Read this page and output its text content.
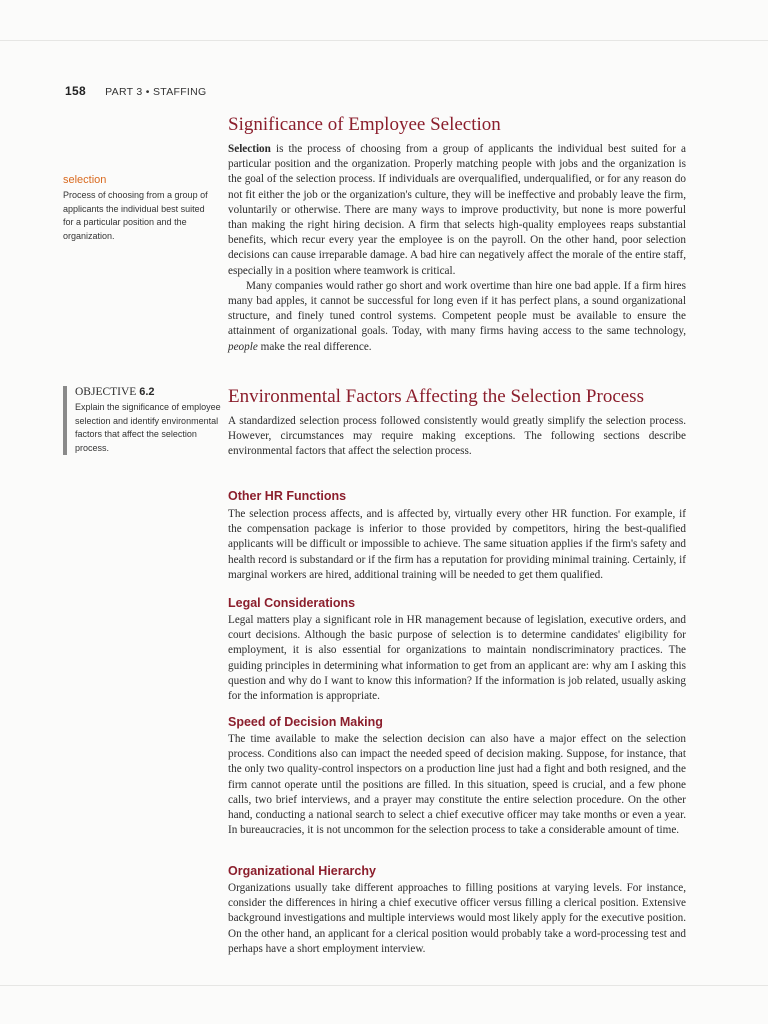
158 PART 3 • STAFFING
selection
Process of choosing from a group of applicants the individual best suited for a particular position and the organization.
OBJECTIVE 6.2
Explain the significance of employee selection and identify environmental factors that affect the selection process.
Significance of Employee Selection

Selection is the process of choosing from a group of applicants the individual best suited for a particular position and the organization. Properly matching people with jobs and the organization is the goal of the selection process. If individuals are overqualified, underqualified, or for any reason do not fit either the job or the organization's culture, they will be ineffective and probably leave the firm, voluntarily or otherwise. There are many ways to improve productivity, but none is more powerful than making the right hiring decision. A firm that selects high-quality employees reaps substantial benefits, which recur every year the employee is on the payroll. On the other hand, poor selection decisions can cause irreparable damage. A bad hire can negatively affect the morale of the entire staff, especially in a position where teamwork is critical.

Many companies would rather go short and work overtime than hire one bad apple. If a firm hires many bad apples, it cannot be successful for long even if it has perfect plans, a sound organizational structure, and finely tuned control systems. Competent people must be available to ensure the attainment of organizational goals. Today, with many firms having access to the same technology, people make the real difference.

Environmental Factors Affecting the Selection Process

A standardized selection process followed consistently would greatly simplify the selection process. However, circumstances may require making exceptions. The following sections describe environmental factors that affect the selection process.

Other HR Functions

The selection process affects, and is affected by, virtually every other HR function. For example, if the compensation package is inferior to those provided by competitors, hiring the best-qualified applicants will be difficult or impossible to achieve. The same situation applies if the firm's safety and health record is substandard or if the firm has a reputation for providing minimal training. Certainly, if marginal workers are hired, additional training will be needed to get them qualified.

Legal Considerations

Legal matters play a significant role in HR management because of legislation, executive orders, and court decisions. Although the basic purpose of selection is to determine candidates' eligibility for employment, it is also essential for organizations to maintain nondiscriminatory practices. The guiding principles in determining what information to get from an applicant are: why am I asking this question and why do I want to know this information? If the information is job related, usually asking for the information is appropriate.

Speed of Decision Making

The time available to make the selection decision can also have a major effect on the selection process. Conditions also can impact the needed speed of decision making. Suppose, for instance, that the only two quality-control inspectors on a production line just had a fight and both resigned, and the firm cannot operate until the positions are filled. In this situation, speed is crucial, and a few phone calls, two brief interviews, and a prayer may constitute the entire selection procedure. On the other hand, conducting a national search to select a chief executive officer may take months or even a year. In bureaucracies, it is not uncommon for the selection process to take a considerable amount of time.

Organizational Hierarchy

Organizations usually take different approaches to filling positions at varying levels. For instance, consider the differences in hiring a chief executive officer versus filling a clerical position. Extensive background investigations and multiple interviews would most likely apply for the executive position. On the other hand, an applicant for a clerical position would probably take a word-processing test and perhaps have a short employment interview.
